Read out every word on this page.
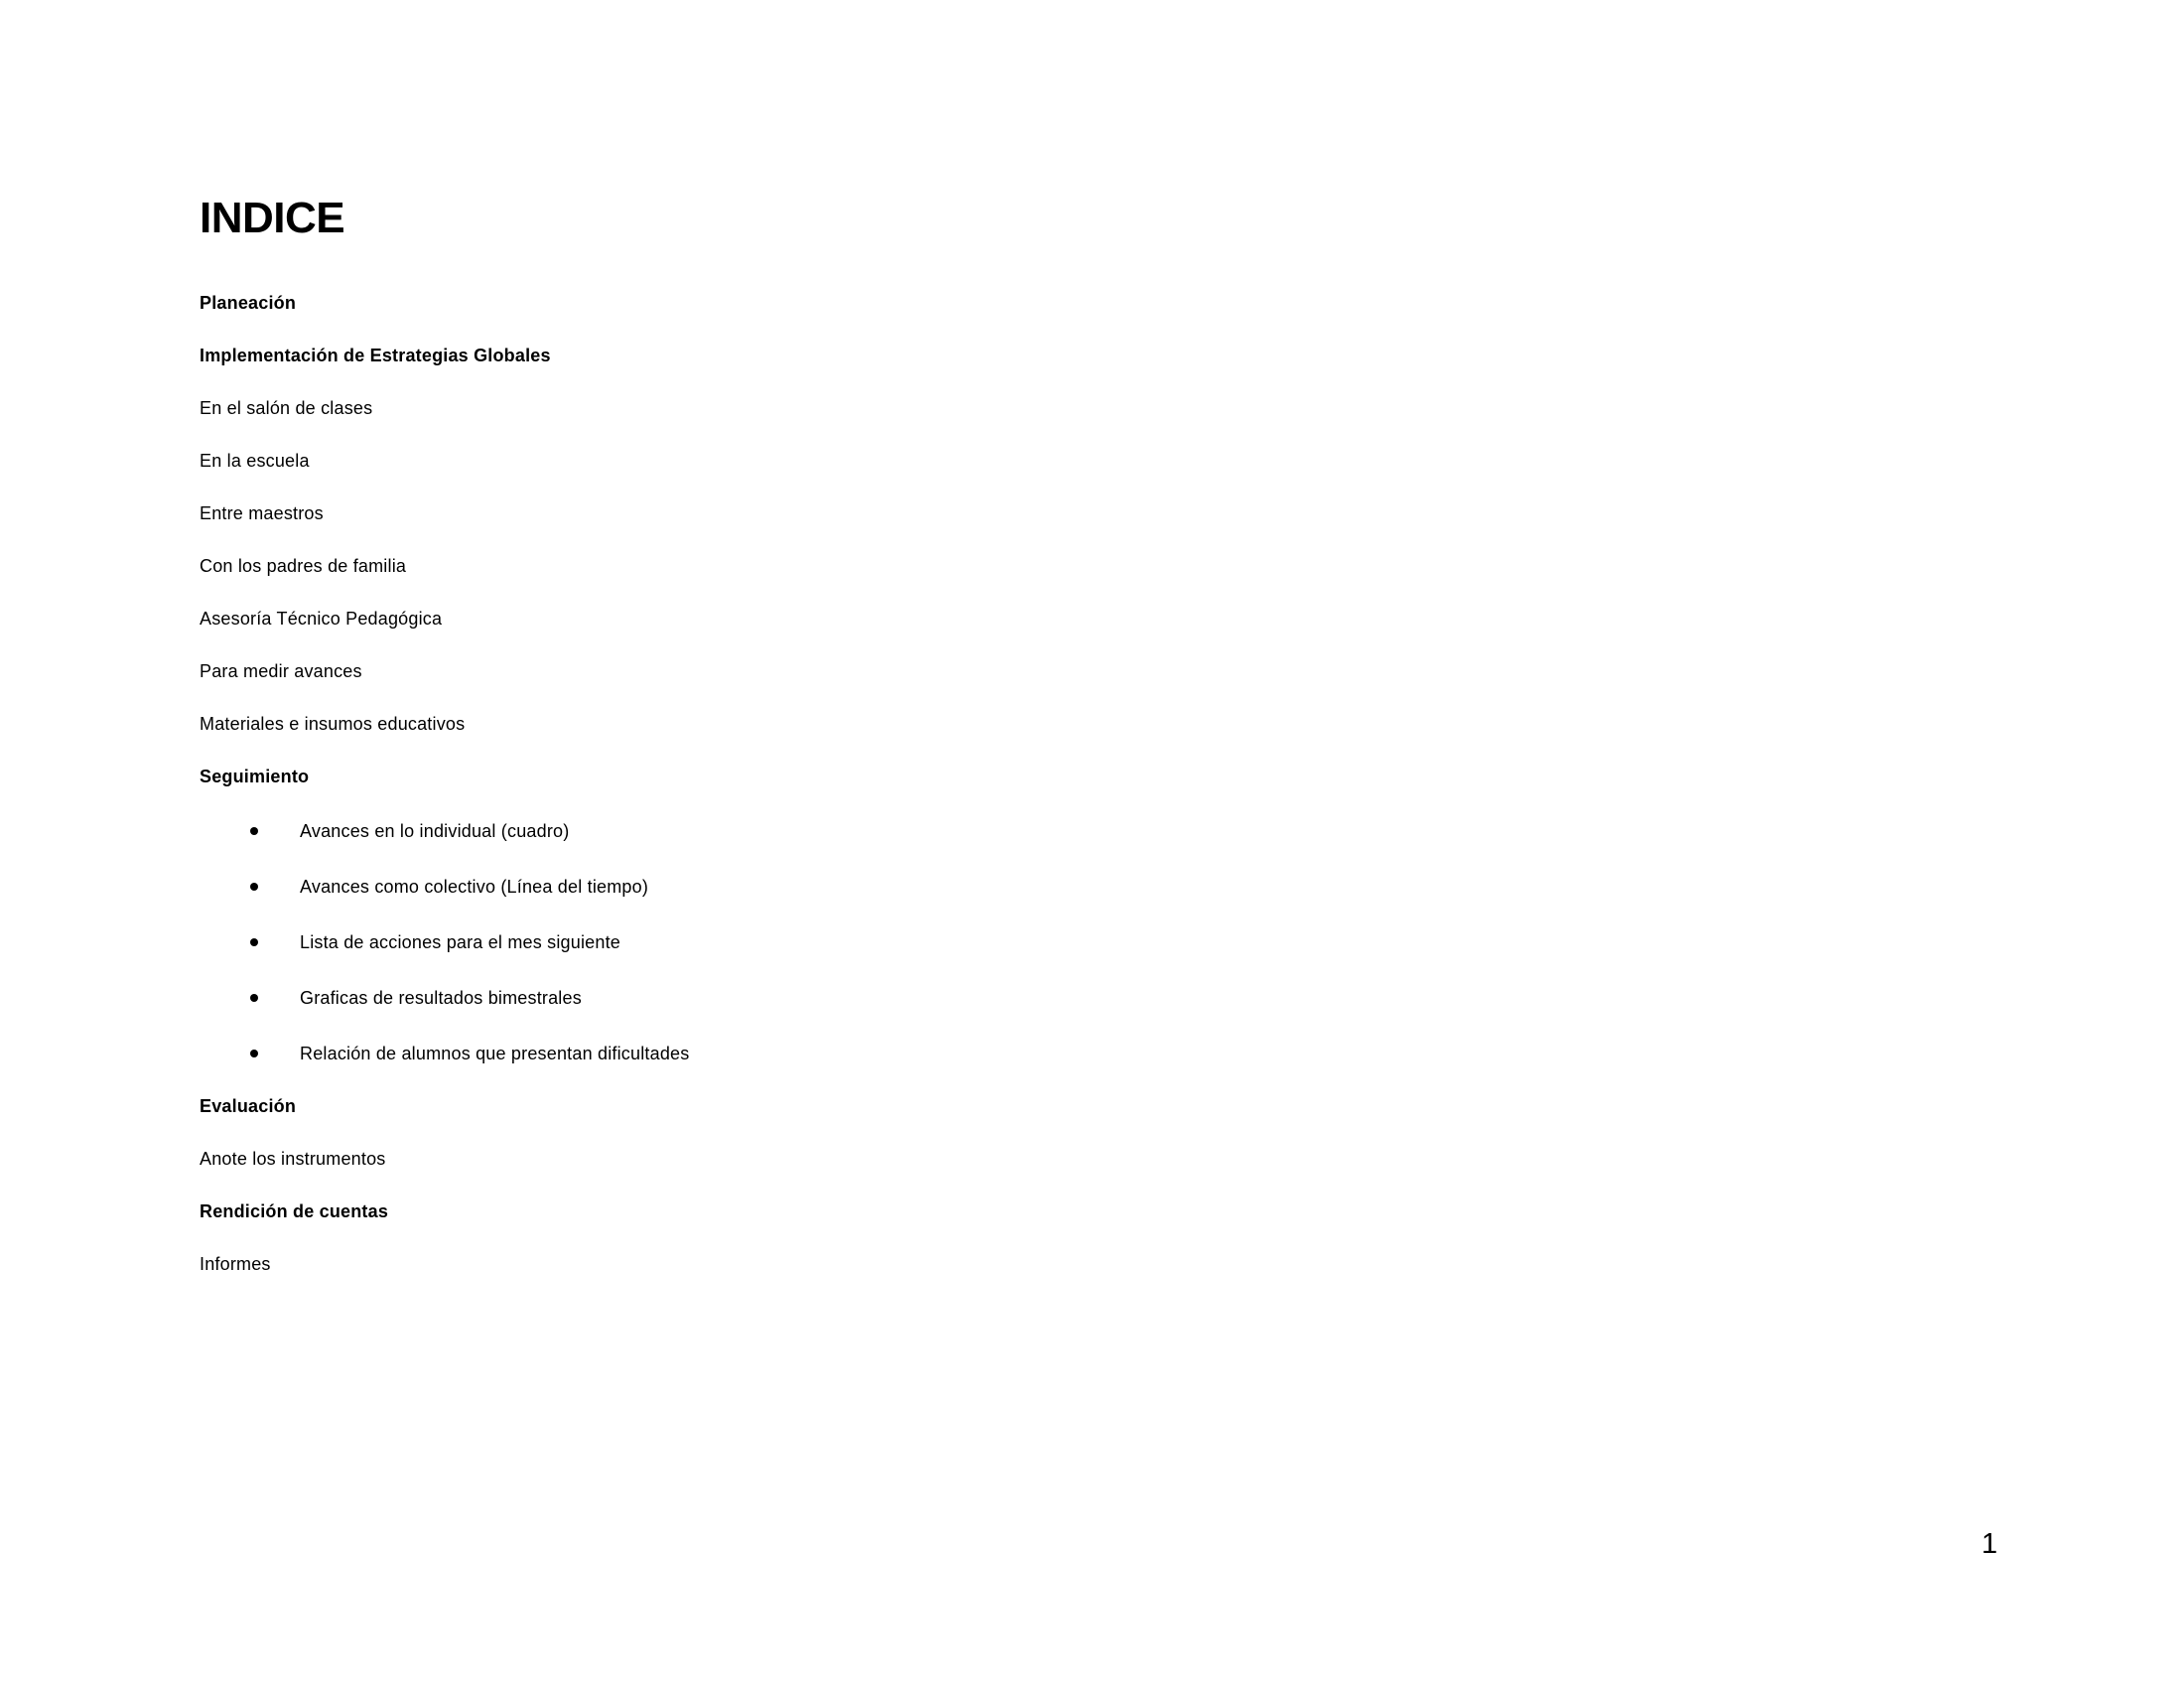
INDICE

Planeación

Implementación de Estrategias Globales

En el salón de clases

En la escuela

Entre maestros

Con los padres de familia

Asesoría Técnico Pedagógica

Para medir avances

Materiales e insumos educativos

Seguimiento

Avances en lo individual (cuadro)

Avances como colectivo (Línea del tiempo)

Lista de acciones para el mes siguiente

Graficas de resultados bimestrales

Relación de alumnos que presentan dificultades

Evaluación

Anote los instrumentos

Rendición de cuentas

Informes

1
